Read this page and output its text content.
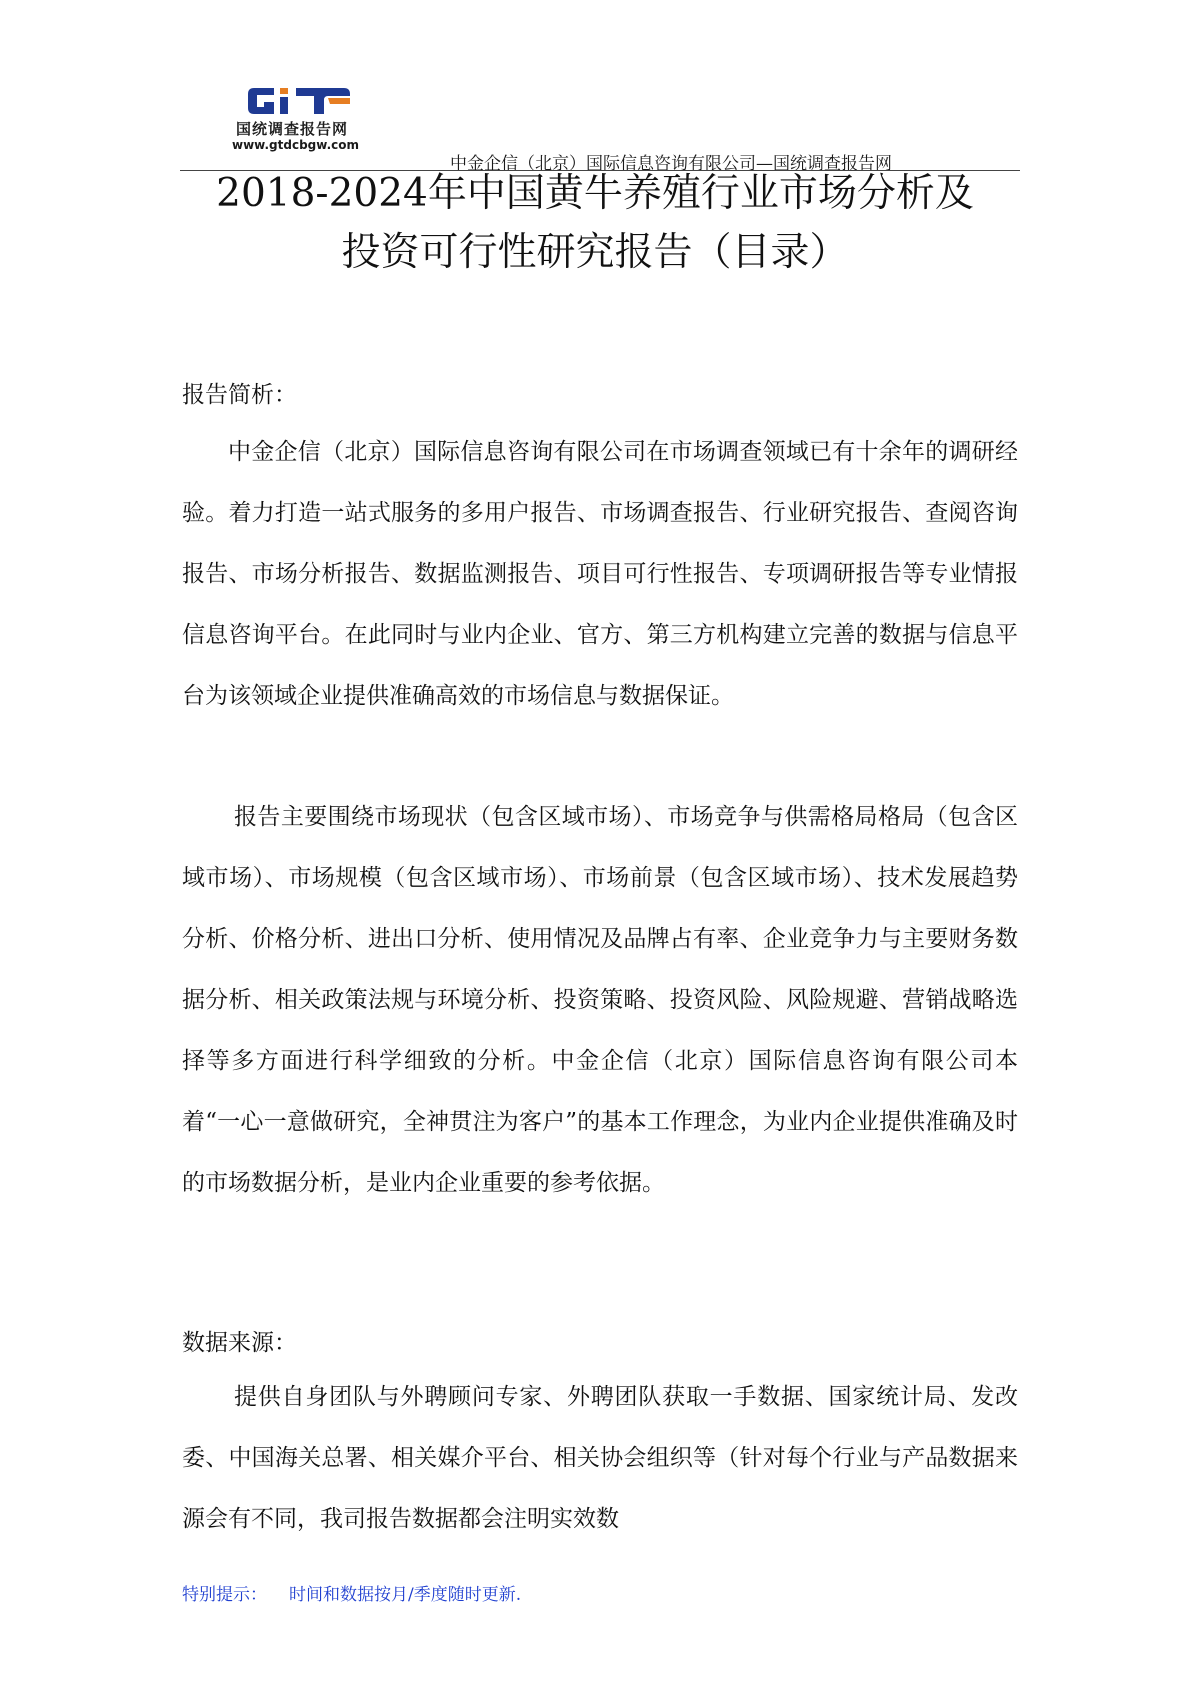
国统调查报告网
www.gtdcbgw.com
中金企信（北京）国际信息咨询有限公司—国统调查报告网
2018-2024年中国黄牛养殖行业市场分析及
投资可行性研究报告（目录）

报告简析：

中金企信（北京）国际信息咨询有限公司在市场调查领域已有十余年的调研经验。着力打造一站式服务的多用户报告、市场调查报告、行业研究报告、查阅咨询报告、市场分析报告、数据监测报告、项目可行性报告、专项调研报告等专业情报信息咨询平台。在此同时与业内企业、官方、第三方机构建立完善的数据与信息平台为该领域企业提供准确高效的市场信息与数据保证。

报告主要围绕市场现状（包含区域市场）、市场竞争与供需格局格局（包含区域市场）、市场规模（包含区域市场）、市场前景（包含区域市场）、技术发展趋势分析、价格分析、进出口分析、使用情况及品牌占有率、企业竞争力与主要财务数据分析、相关政策法规与环境分析、投资策略、投资风险、风险规避、营销战略选择等多方面进行科学细致的分析。中金企信（北京）国际信息咨询有限公司本着“一心一意做研究，全神贯注为客户”的基本工作理念，为业内企业提供准确及时的市场数据分析，是业内企业重要的参考依据。

数据来源：

提供自身团队与外聘顾问专家、外聘团队获取一手数据、国家统计局、发改委、中国海关总署、相关媒介平台、相关协会组织等（针对每个行业与产品数据来源会有不同，我司报告数据都会注明实效数

特别提示： 时间和数据按月/季度随时更新.
